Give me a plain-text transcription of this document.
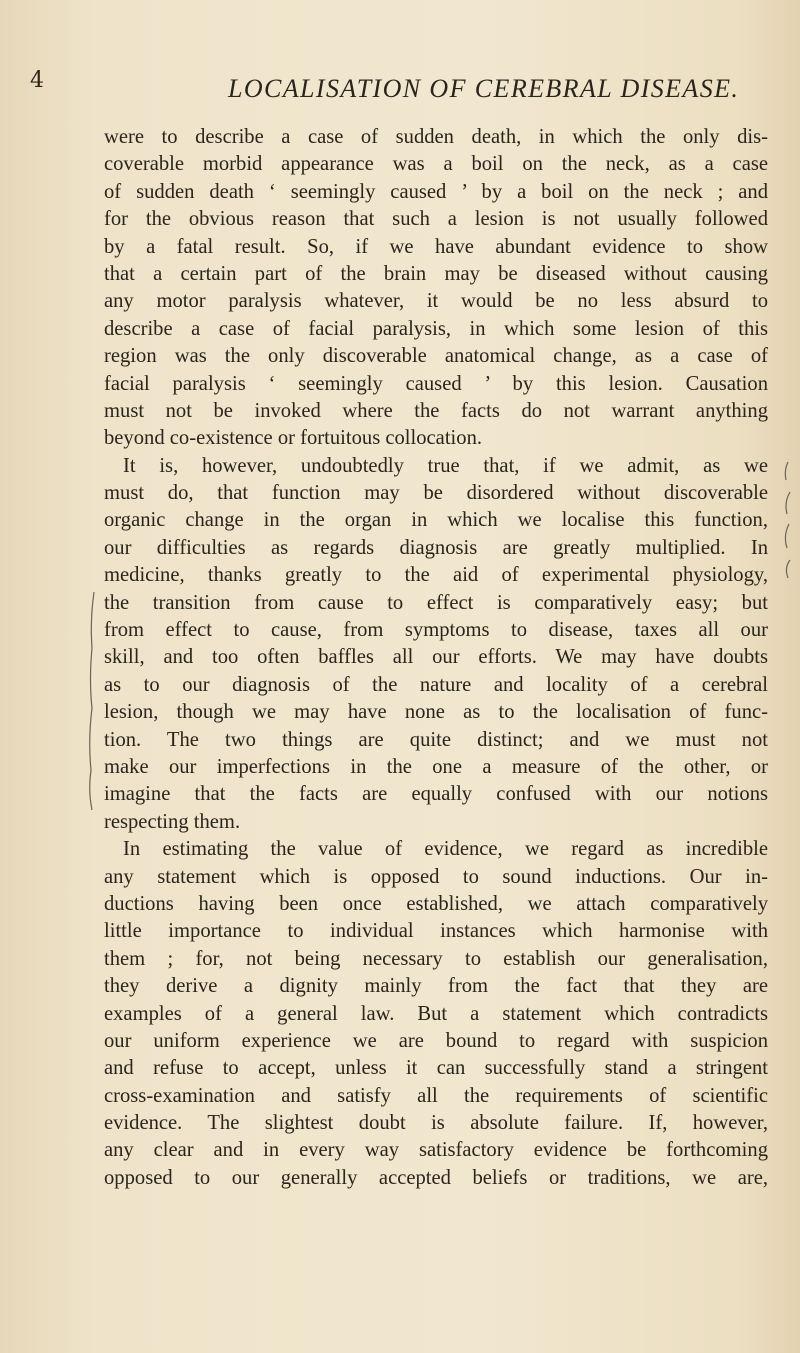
4	LOCALISATION OF CEREBRAL DISEASE.
were to describe a case of sudden death, in which the only dis-
coverable morbid appearance was a boil on the neck, as a case
of sudden death ‘ seemingly caused ’ by a boil on the neck ; and
for the obvious reason that such a lesion is not usually followed
by a fatal result. So, if we have abundant evidence to show
that a certain part of the brain may be diseased without causing
any motor paralysis whatever, it would be no less absurd to
describe a case of facial paralysis, in which some lesion of this
region was the only discoverable anatomical change, as a case of
facial paralysis ‘ seemingly caused ’ by this lesion. Causation
must not be invoked where the facts do not warrant anything
beyond co-existence or fortuitous collocation.
It is, however, undoubtedly true that, if we admit, as we
must do, that function may be disordered without discoverable
organic change in the organ in which we localise this function,
our difficulties as regards diagnosis are greatly multiplied. In
medicine, thanks greatly to the aid of experimental physiology,
the transition from cause to effect is comparatively easy; but
from effect to cause, from symptoms to disease, taxes all our
skill, and too often baffles all our efforts. We may have doubts
as to our diagnosis of the nature and locality of a cerebral
lesion, though we may have none as to the localisation of func-
tion. The two things are quite distinct; and we must not
make our imperfections in the one a measure of the other, or
imagine that the facts are equally confused with our notions
respecting them.
In estimating the value of evidence, we regard as incredible
any statement which is opposed to sound inductions. Our in-
ductions having been once established, we attach comparatively
little importance to individual instances which harmonise with
them ; for, not being necessary to establish our generalisation,
they derive a dignity mainly from the fact that they are
examples of a general law. But a statement which contradicts
our uniform experience we are bound to regard with suspicion
and refuse to accept, unless it can successfully stand a stringent
cross-examination and satisfy all the requirements of scientific
evidence. The slightest doubt is absolute failure. If, however,
any clear and in every way satisfactory evidence be forthcoming
opposed to our generally accepted beliefs or traditions, we are,
